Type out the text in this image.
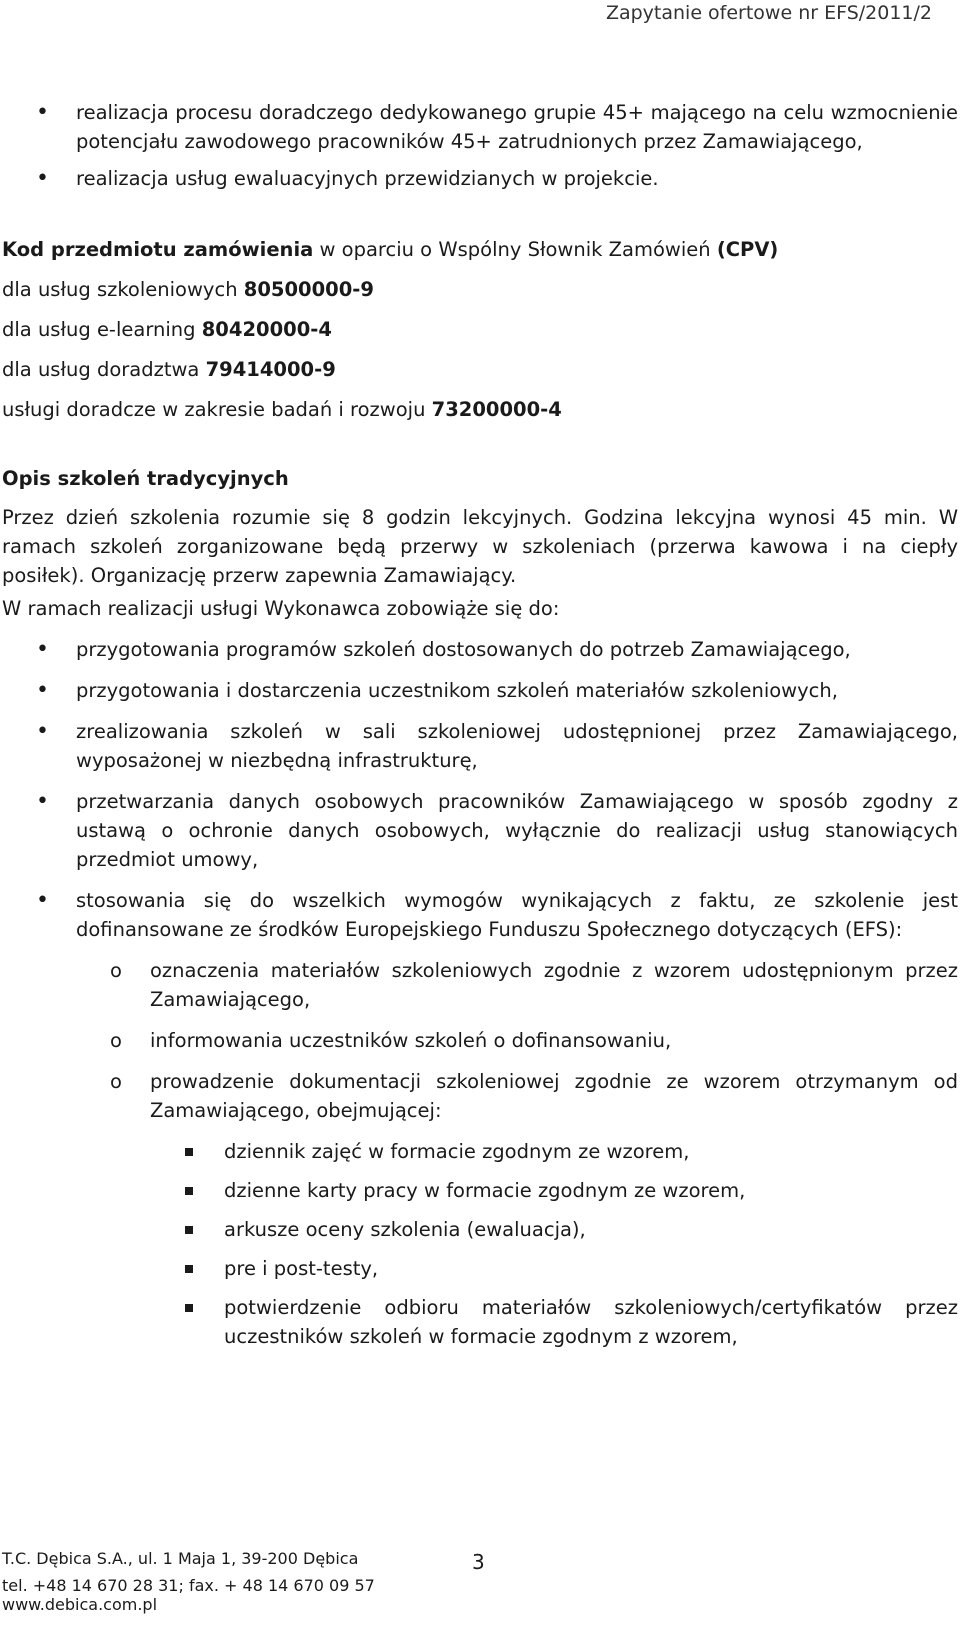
Zapytanie ofertowe nr EFS/2011/2
• realizacja procesu doradczego dedykowanego grupie 45+ mającego na celu wzmocnienie potencjału zawodowego pracowników 45+ zatrudnionych przez Zamawiającego,
• realizacja usług ewaluacyjnych przewidzianych w projekcie.
Kod przedmiotu zamówienia w oparciu o Wspólny Słownik Zamówień (CPV)
dla usług szkoleniowych 80500000-9
dla usług e-learning 80420000-4
dla usług doradztwa 79414000-9
usługi doradcze w zakresie badań i rozwoju 73200000-4
Opis szkoleń tradycyjnych
Przez dzień szkolenia rozumie się 8 godzin lekcyjnych. Godzina lekcyjna wynosi 45 min. W ramach szkoleń zorganizowane będą przerwy w szkoleniach (przerwa kawowa i na ciepły posiłek). Organizację przerw zapewnia Zamawiający.
W ramach realizacji usługi Wykonawca zobowiąże się do:
• przygotowania programów szkoleń dostosowanych do potrzeb Zamawiającego,
• przygotowania i dostarczenia uczestnikom szkoleń materiałów szkoleniowych,
• zrealizowania szkoleń w sali szkoleniowej udostępnionej przez Zamawiającego, wyposażonej w niezbędną infrastrukturę,
• przetwarzania danych osobowych pracowników Zamawiającego w sposób zgodny z ustawą o ochronie danych osobowych, wyłącznie do realizacji usług stanowiących przedmiot umowy,
• stosowania się do wszelkich wymogów wynikających z faktu, ze szkolenie jest dofinansowane ze środków Europejskiego Funduszu Społecznego dotyczących (EFS):
o oznaczenia materiałów szkoleniowych zgodnie z wzorem udostępnionym przez Zamawiającego,
o informowania uczestników szkoleń o dofinansowaniu,
o prowadzenie dokumentacji szkoleniowej zgodnie ze wzorem otrzymanym od Zamawiającego, obejmującej:
dziennik zajęć w formacie zgodnym ze wzorem,
dzienne karty pracy w formacie zgodnym ze wzorem,
arkusze oceny szkolenia (ewaluacja),
pre i post-testy,
potwierdzenie odbioru materiałów szkoleniowych/certyfikatów przez uczestników szkoleń w formacie zgodnym z wzorem,
T.C. Dębica S.A., ul. 1 Maja 1, 39-200 Dębica
tel. +48 14 670 28 31; fax. + 48 14 670 09 57
www.debica.com.pl
3
